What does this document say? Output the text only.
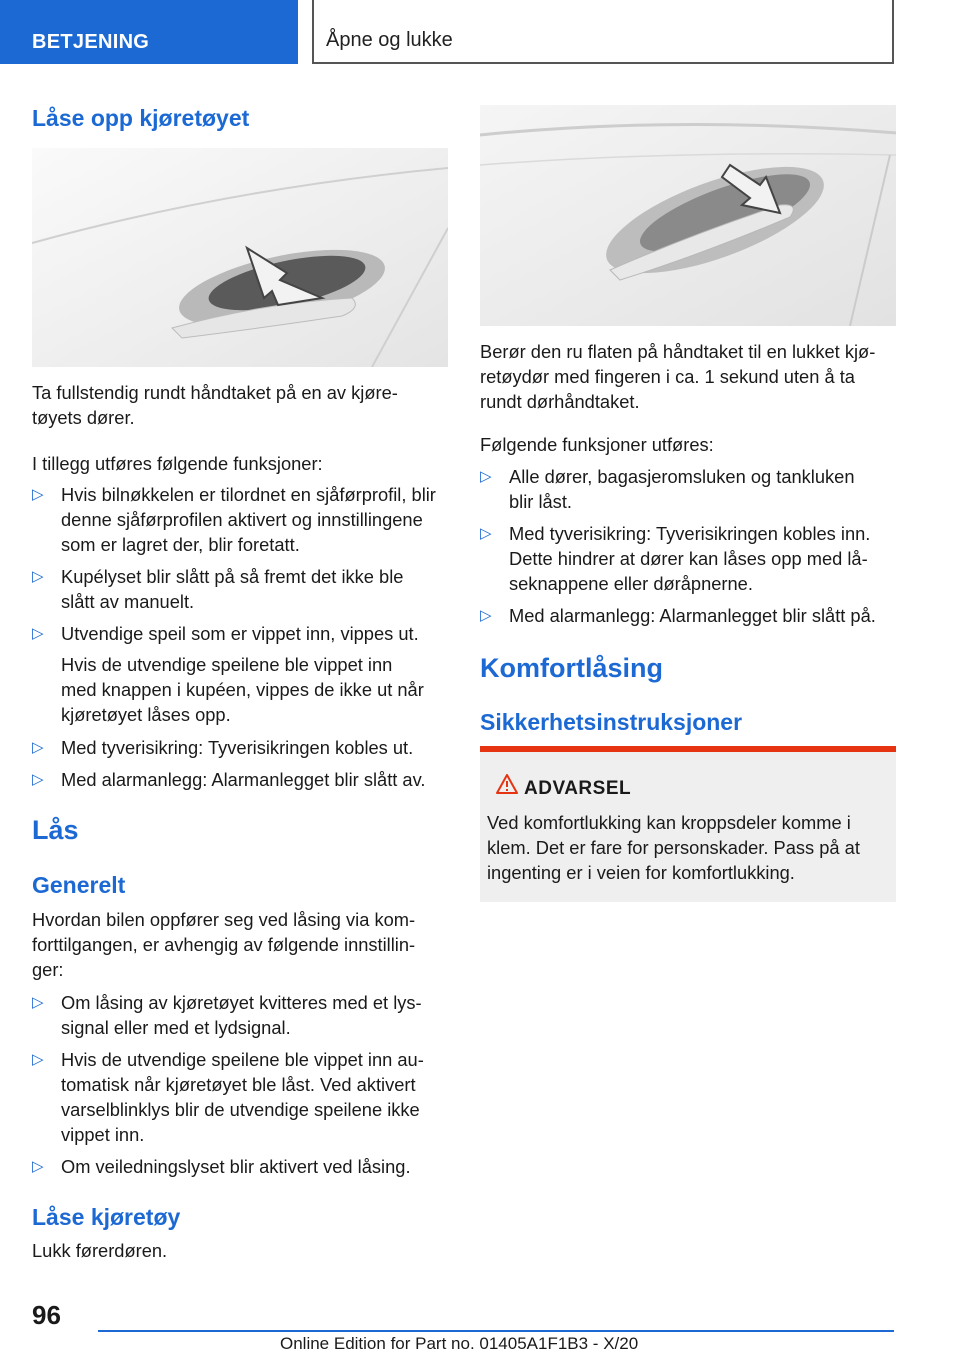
BETJENING	Åpne og lukke
Låse opp kjøretøyet
Ta fullstendig rundt håndtaket på en av kjøre-
tøyets dører.
I tillegg utføres følgende funksjoner:
▷ Hvis bilnøkkelen er tilordnet en sjåførprofil, blir
denne sjåførprofilen aktivert og innstillingene
som er lagret der, blir foretatt.
▷ Kupélyset blir slått på så fremt det ikke ble
slått av manuelt.
▷ Utvendige speil som er vippet inn, vippes ut.
Hvis de utvendige speilene ble vippet inn
med knappen i kupéen, vippes de ikke ut når
kjøretøyet låses opp.
▷ Med tyverisikring: Tyverisikringen kobles ut.
▷ Med alarmanlegg: Alarmanlegget blir slått av.
Lås
Generelt
Hvordan bilen oppfører seg ved låsing via kom-
forttilgangen, er avhengig av følgende innstillin-
ger:
▷ Om låsing av kjøretøyet kvitteres med et lys-
signal eller med et lydsignal.
▷ Hvis de utvendige speilene ble vippet inn au-
tomatisk når kjøretøyet ble låst. Ved aktivert
varselblinklys blir de utvendige speilene ikke
vippet inn.
▷ Om veiledningslyset blir aktivert ved låsing.
Låse kjøretøy
Lukk førerdøren.
Berør den ru flaten på håndtaket til en lukket kjø-
retøydør med fingeren i ca. 1 sekund uten å ta
rundt dørhåndtaket.
Følgende funksjoner utføres:
▷ Alle dører, bagasjeromsluken og tankluken
blir låst.
▷ Med tyverisikring: Tyverisikringen kobles inn.
Dette hindrer at dører kan låses opp med lå-
seknappene eller døråpnerne.
▷ Med alarmanlegg: Alarmanlegget blir slått på.
Komfortlåsing
Sikkerhetsinstruksjoner
ADVARSEL
Ved komfortlukking kan kroppsdeler komme i
klem. Det er fare for personskader. Pass på at
ingenting er i veien for komfortlukking.
96
Online Edition for Part no. 01405A1F1B3 - X/20
